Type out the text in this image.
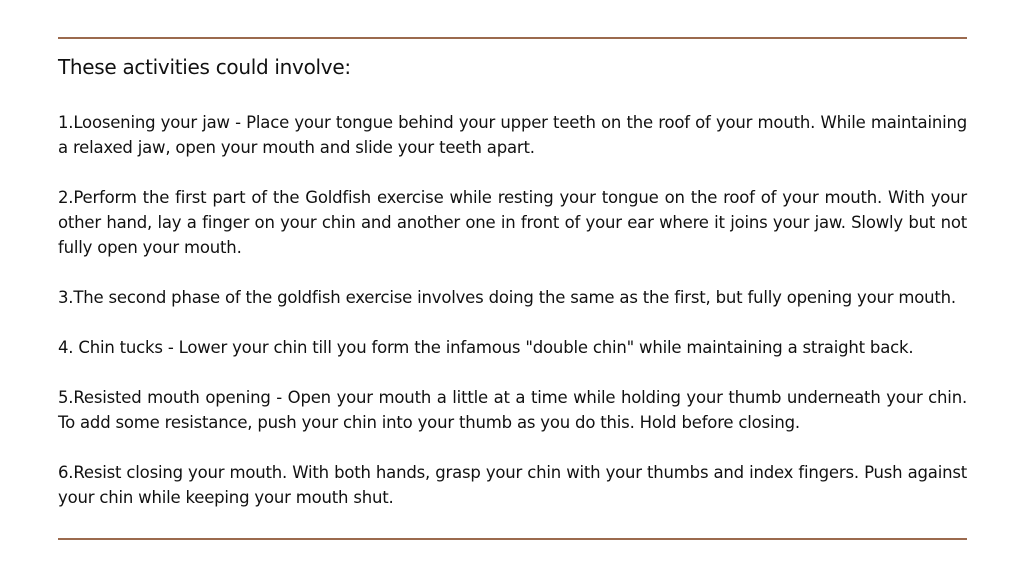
These activities could involve:

1.Loosening your jaw - Place your tongue behind your upper teeth on the roof of your mouth. While maintaining a relaxed jaw, open your mouth and slide your teeth apart.

2.Perform the first part of the Goldfish exercise while resting your tongue on the roof of your mouth. With your other hand, lay a finger on your chin and another one in front of your ear where it joins your jaw. Slowly but not fully open your mouth.

3.The second phase of the goldfish exercise involves doing the same as the first, but fully opening your mouth.

4. Chin tucks - Lower your chin till you form the infamous "double chin" while maintaining a straight back.

5.Resisted mouth opening - Open your mouth a little at a time while holding your thumb underneath your chin. To add some resistance, push your chin into your thumb as you do this. Hold before closing.

6.Resist closing your mouth. With both hands, grasp your chin with your thumbs and index fingers. Push against your chin while keeping your mouth shut.
